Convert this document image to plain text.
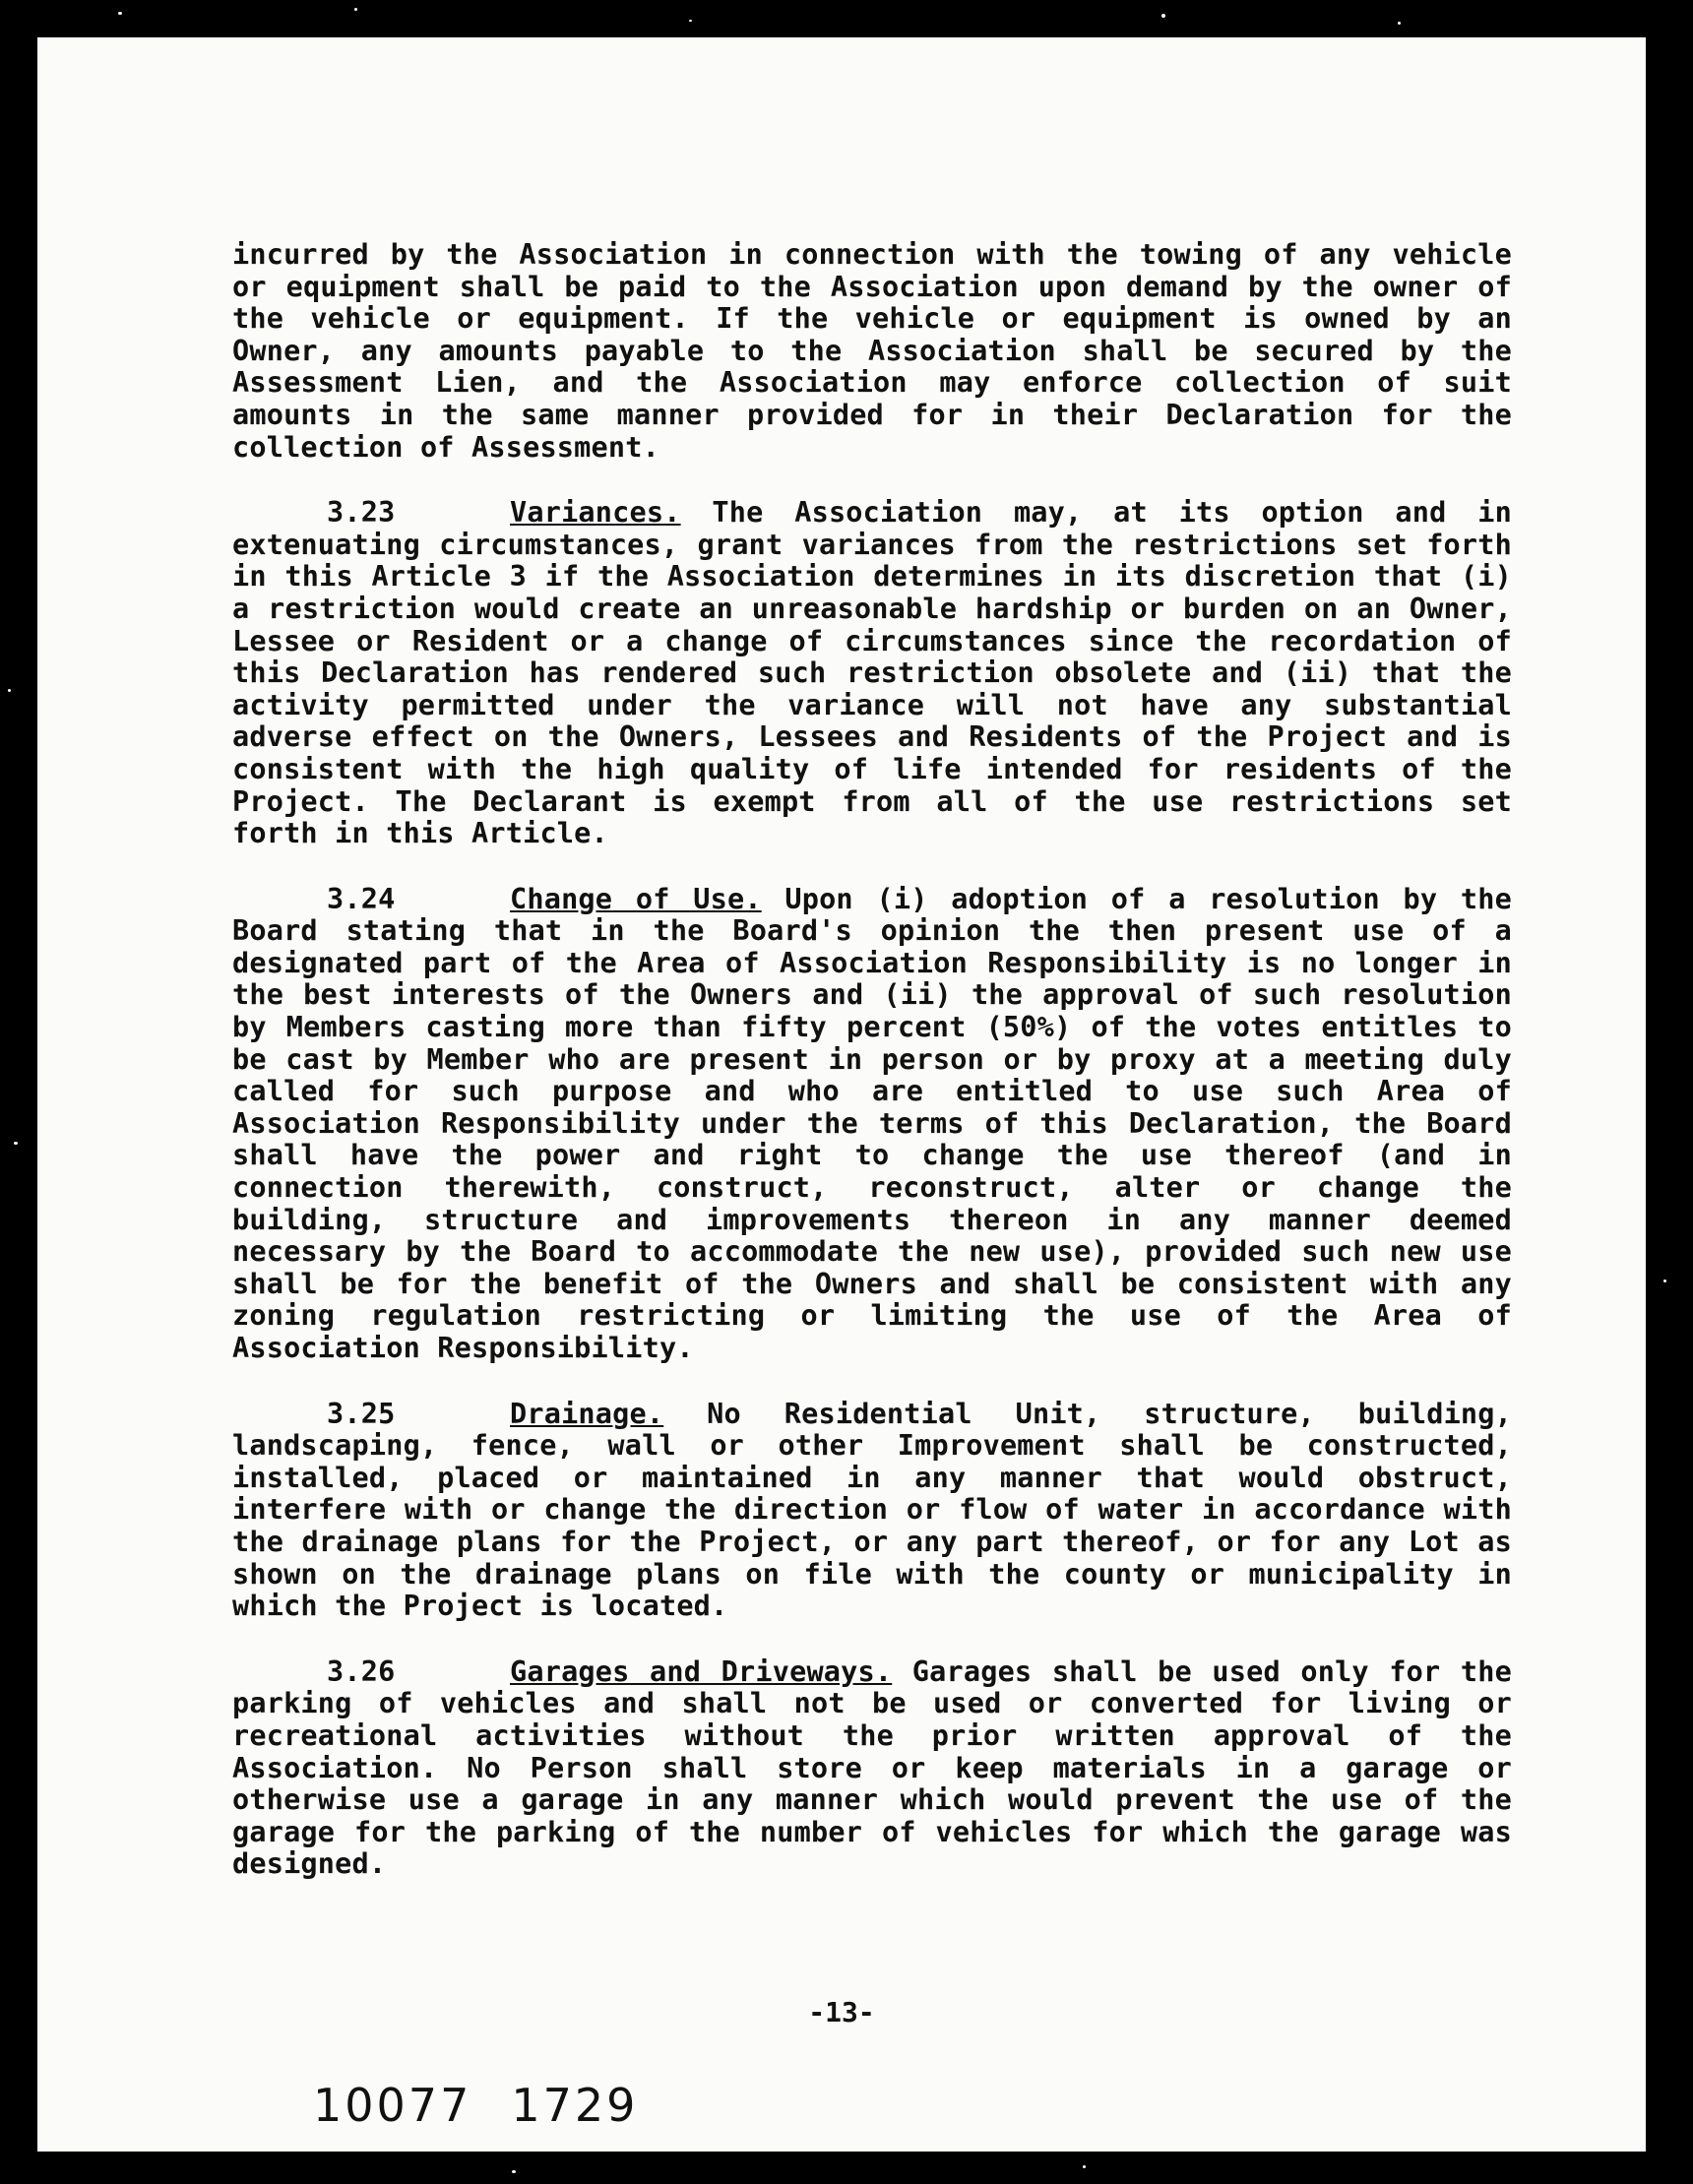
incurred by the Association in connection with the towing of any vehicle or equipment shall be paid to the Association upon demand by the owner of the vehicle or equipment. If the vehicle or equipment is owned by an Owner, any amounts payable to the Association shall be secured by the Assessment Lien, and the Association may enforce collection of suit amounts in the same manner provided for in their Declaration for the collection of Assessment.

3.23	Variances. The Association may, at its option and in extenuating circumstances, grant variances from the restrictions set forth in this Article 3 if the Association determines in its discretion that (i) a restriction would create an unreasonable hardship or burden on an Owner, Lessee or Resident or a change of circumstances since the recordation of this Declaration has rendered such restriction obsolete and (ii) that the activity permitted under the variance will not have any substantial adverse effect on the Owners, Lessees and Residents of the Project and is consistent with the high quality of life intended for residents of the Project. The Declarant is exempt from all of the use restrictions set forth in this Article.

3.24	Change of Use. Upon (i) adoption of a resolution by the Board stating that in the Board's opinion the then present use of a designated part of the Area of Association Responsibility is no longer in the best interests of the Owners and (ii) the approval of such resolution by Members casting more than fifty percent (50%) of the votes entitles to be cast by Member who are present in person or by proxy at a meeting duly called for such purpose and who are entitled to use such Area of Association Responsibility under the terms of this Declaration, the Board shall have the power and right to change the use thereof (and in connection therewith, construct, reconstruct, alter or change the building, structure and improvements thereon in any manner deemed necessary by the Board to accommodate the new use), provided such new use shall be for the benefit of the Owners and shall be consistent with any zoning regulation restricting or limiting the use of the Area of Association Responsibility.

3.25	Drainage. No Residential Unit, structure, building, landscaping, fence, wall or other Improvement shall be constructed, installed, placed or maintained in any manner that would obstruct, interfere with or change the direction or flow of water in accordance with the drainage plans for the Project, or any part thereof, or for any Lot as shown on the drainage plans on file with the county or municipality in which the Project is located.

3.26	Garages and Driveways. Garages shall be used only for the parking of vehicles and shall not be used or converted for living or recreational activities without the prior written approval of the Association. No Person shall store or keep materials in a garage or otherwise use a garage in any manner which would prevent the use of the garage for the parking of the number of vehicles for which the garage was designed.

-13-
10077 1729
